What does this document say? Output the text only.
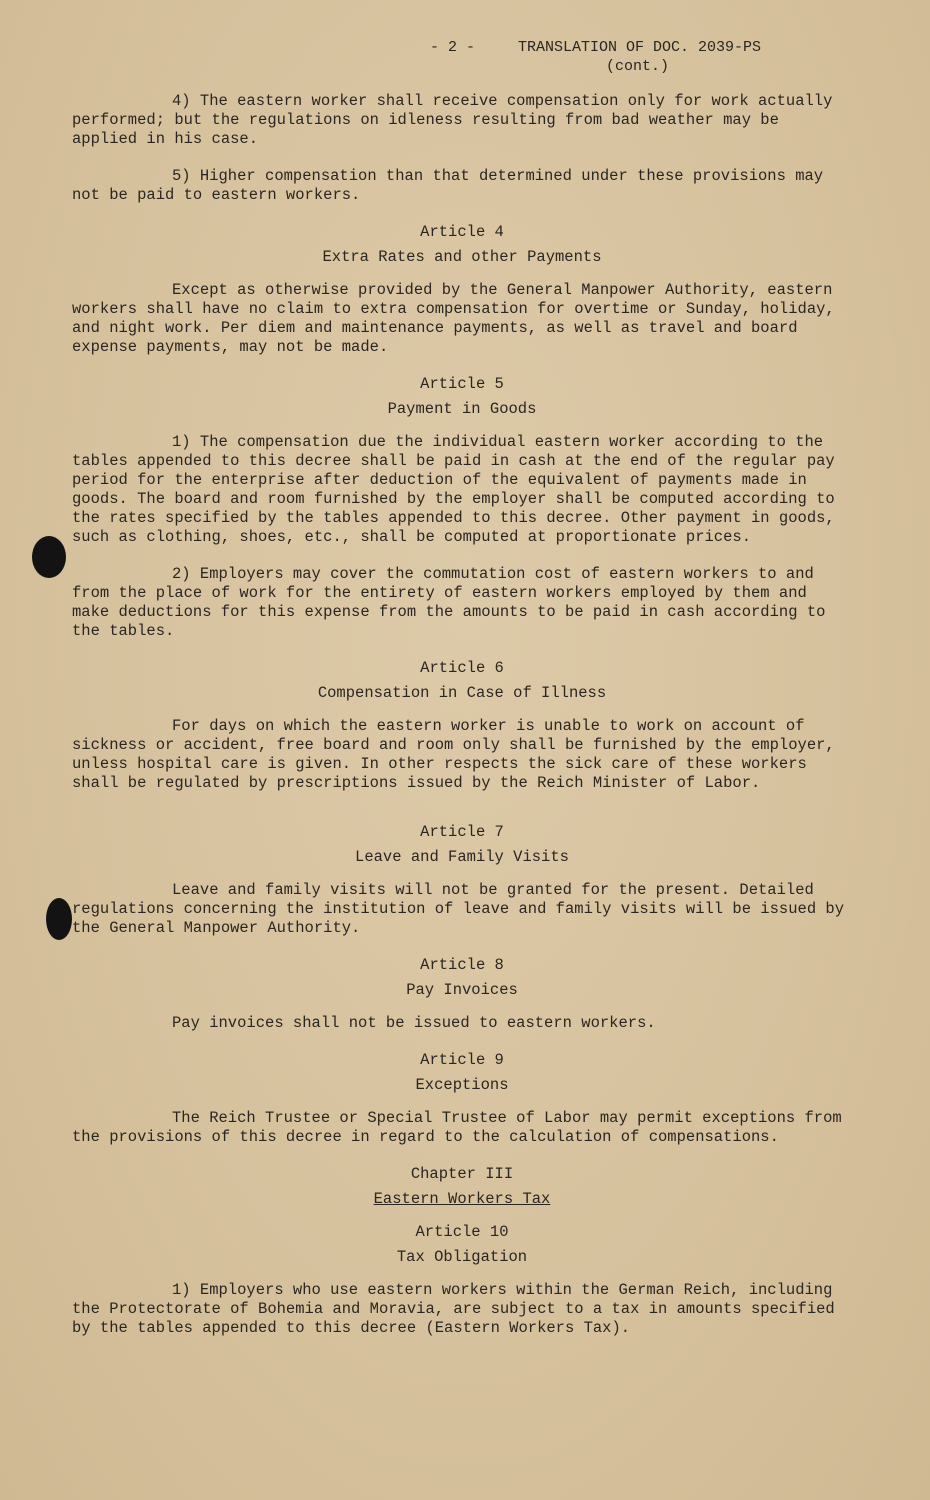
- 2 -	TRANSLATION OF DOC. 2039-PS
(cont.)

4) The eastern worker shall receive compensation only for work actually performed; but the regulations on idleness resulting from bad weather may be applied in his case.

5) Higher compensation than that determined under these provisions may not be paid to eastern workers.

Article 4

Extra Rates and other Payments

Except as otherwise provided by the General Manpower Authority, eastern workers shall have no claim to extra compensation for overtime or Sunday, holiday, and night work. Per diem and maintenance payments, as well as travel and board expense payments, may not be made.

Article 5

Payment in Goods

1) The compensation due the individual eastern worker according to the tables appended to this decree shall be paid in cash at the end of the regular pay period for the enterprise after deduction of the equivalent of payments made in goods. The board and room furnished by the employer shall be computed according to the rates specified by the tables appended to this decree. Other payment in goods, such as clothing, shoes, etc., shall be computed at proportionate prices.

2) Employers may cover the commutation cost of eastern workers to and from the place of work for the entirety of eastern workers employed by them and make deductions for this expense from the amounts to be paid in cash according to the tables.

Article 6

Compensation in Case of Illness

For days on which the eastern worker is unable to work on account of sickness or accident, free board and room only shall be furnished by the employer, unless hospital care is given. In other respects the sick care of these workers shall be regulated by prescriptions issued by the Reich Minister of Labor.

Article 7

Leave and Family Visits

Leave and family visits will not be granted for the present. Detailed regulations concerning the institution of leave and family visits will be issued by the General Manpower Authority.

Article 8

Pay Invoices

Pay invoices shall not be issued to eastern workers.

Article 9

Exceptions

The Reich Trustee or Special Trustee of Labor may permit exceptions from the provisions of this decree in regard to the calculation of compensations.

Chapter III

Eastern Workers Tax

Article 10

Tax Obligation

1) Employers who use eastern workers within the German Reich, including the Protectorate of Bohemia and Moravia, are subject to a tax in amounts specified by the tables appended to this decree (Eastern Workers Tax).
